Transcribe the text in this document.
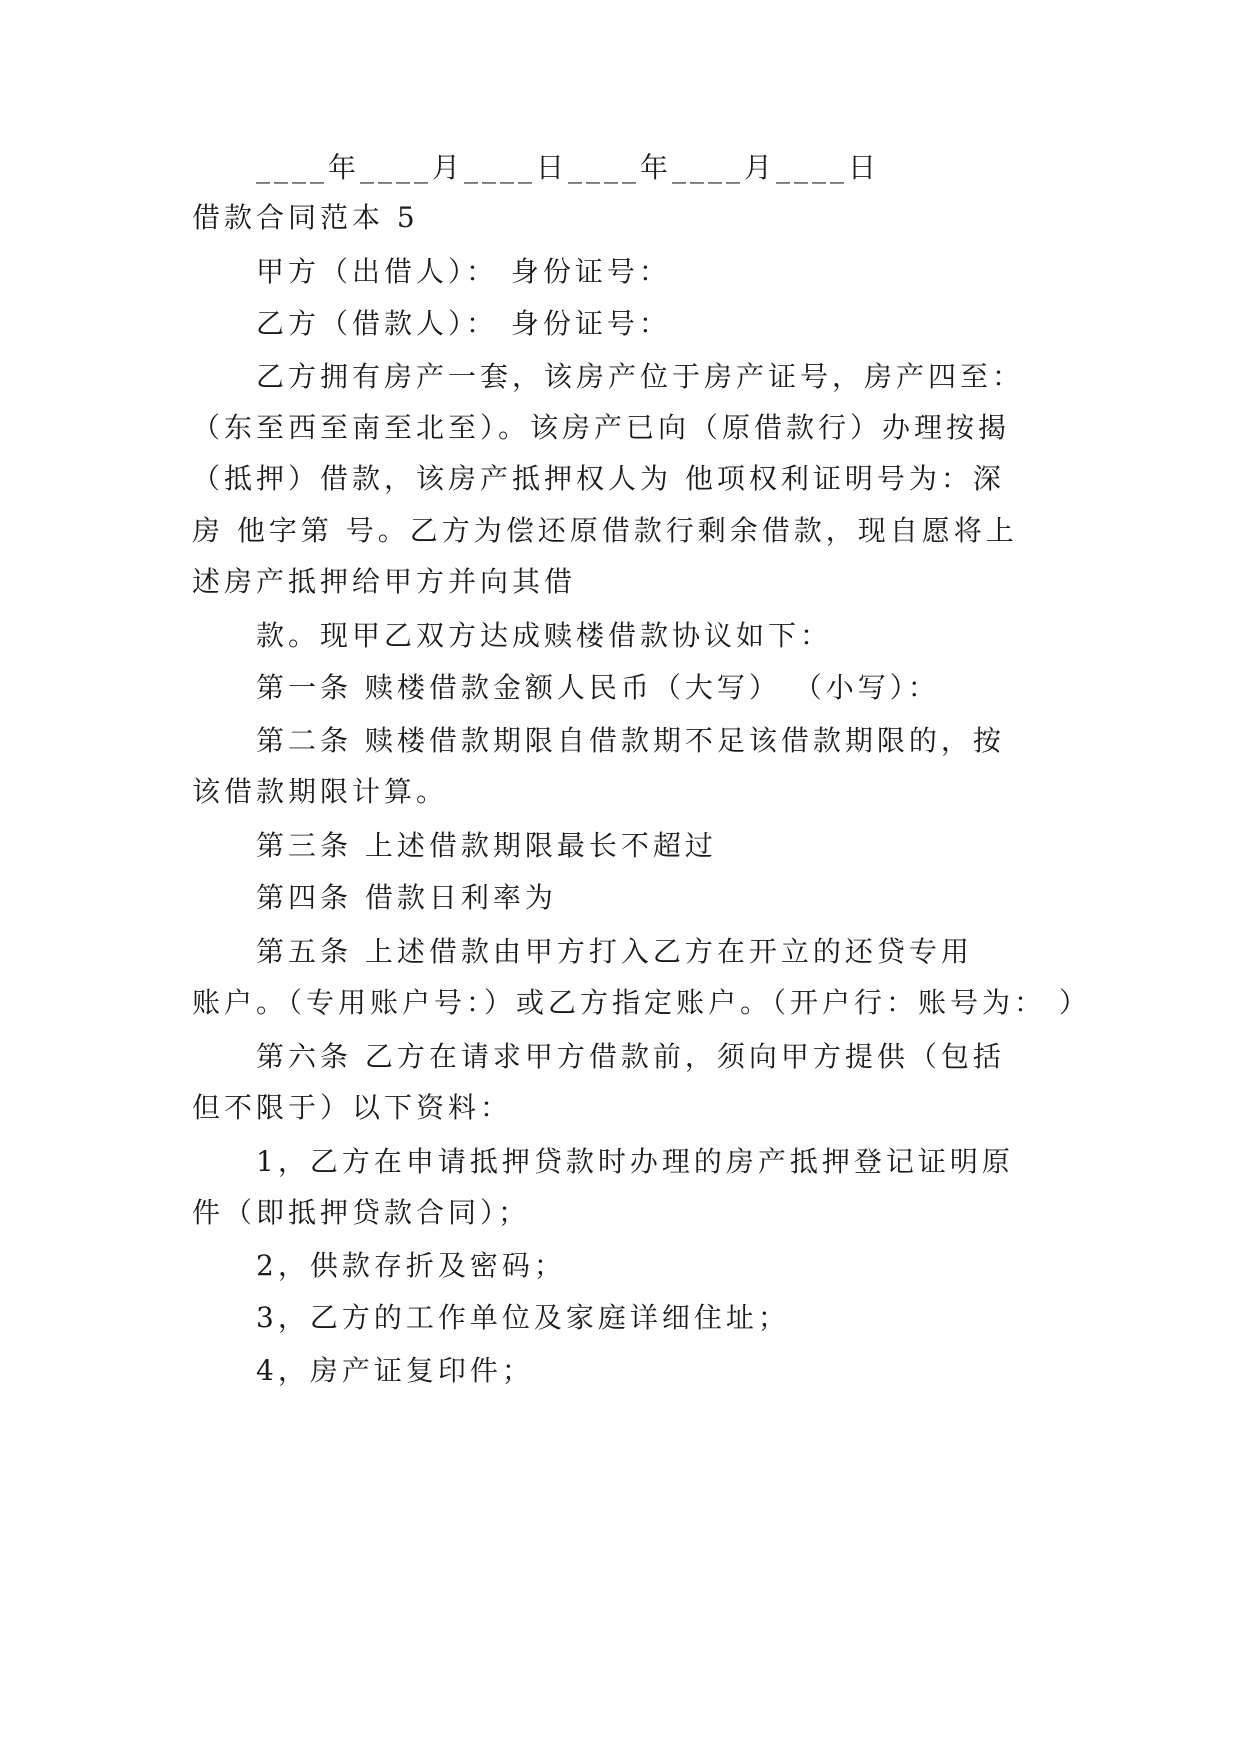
____年____月____日____年____月____日
借款合同范本 5
甲方（出借人）： 身份证号：
乙方（借款人）： 身份证号：
乙方拥有房产一套，该房产位于房产证号，房产四至：
（东至西至南至北至）。该房产已向（原借款行）办理按揭
（抵押）借款，该房产抵押权人为 他项权利证明号为：深
房 他字第 号。乙方为偿还原借款行剩余借款，现自愿将上
述房产抵押给甲方并向其借
款。现甲乙双方达成赎楼借款协议如下：
第一条 赎楼借款金额人民币（大写） （小写）：
第二条 赎楼借款期限自借款期不足该借款期限的，按
该借款期限计算。
第三条 上述借款期限最长不超过
第四条 借款日利率为
第五条 上述借款由甲方打入乙方在开立的还贷专用
账户。（专用账户号：）或乙方指定账户。（开户行：账号为： ）
第六条 乙方在请求甲方借款前，须向甲方提供（包括
但不限于）以下资料：
1，乙方在申请抵押贷款时办理的房产抵押登记证明原
件（即抵押贷款合同）；
2，供款存折及密码；
3，乙方的工作单位及家庭详细住址；
4，房产证复印件；
